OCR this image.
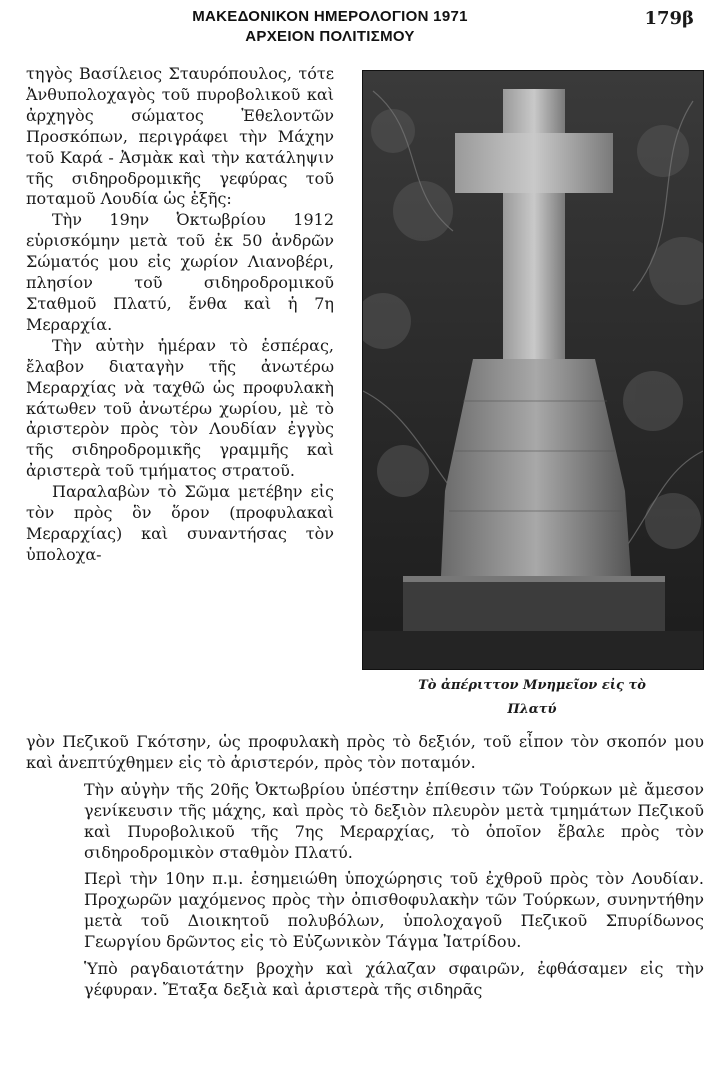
ΜΑΚΕΔΟΝΙΚΟΝ ΗΜΕΡΟΛΟΓΙΟΝ 1971
ΑΡΧΕΙΟΝ ΠΟΛΙΤΙΣΜΟΥ
179β

τηγὸς Βασίλειος Σταυρόπουλος, τότε Ἀνθυπολοχαγὸς τοῦ πυροβολικοῦ καὶ ἀρχηγὸς σώματος Ἐθελοντῶν Προσκόπων, περιγράφει τὴν Μάχην τοῦ Καρά - Ἀσμὰκ καὶ τὴν κατάληψιν τῆς σιδηροδρομικῆς γεφύρας τοῦ ποταμοῦ Λουδία ὡς ἑξῆς:

Τὴν 19ην Ὀκτωβρίου 1912 εὑρισκόμην μετὰ τοῦ ἐκ 50 ἀνδρῶν Σώματός μου εἰς χωρίον Λιανοβέρι, πλησίον τοῦ σιδηροδρομικοῦ Σταθμοῦ Πλατύ, ἔνθα καὶ ἡ 7η Μεραρχία.

Τὴν αὐτὴν ἡμέραν τὸ ἑσπέρας, ἔλαβον διαταγὴν τῆς ἀνωτέρω Μεραρχίας νὰ ταχθῶ ὡς προφυλακὴ κάτωθεν τοῦ ἀνωτέρω χωρίου, μὲ τὸ ἀριστερὸν πρὸς τὸν Λουδίαν ἐγγὺς τῆς σιδηροδρομικῆς γραμμῆς καὶ ἀριστερὰ τοῦ τμήματος στρατοῦ.

Παραλαβὼν τὸ Σῶμα μετέβην εἰς τὸν πρὸς ὃν ὅρον (προφυλακαὶ Μεραρχίας) καὶ συναντήσας τὸν ὑπολοχα-

Τὸ ἀπέριττον Μνημεῖον εἰς τὸ
Πλατύ

γὸν Πεζικοῦ Γκότσην, ὡς προφυλακὴ πρὸς τὸ δεξιόν, τοῦ εἶπον τὸν σκοπόν μου καὶ ἀνεπτύχθημεν εἰς τὸ ἀριστερόν, πρὸς τὸν ποταμόν.

Τὴν αὐγὴν τῆς 20ῆς Ὀκτωβρίου ὑπέστην ἐπίθεσιν τῶν Τούρκων μὲ ἄμεσον γενίκευσιν τῆς μάχης, καὶ πρὸς τὸ δεξιὸν πλευρὸν μετὰ τμημάτων Πεζικοῦ καὶ Πυροβολικοῦ τῆς 7ης Μεραρχίας, τὸ ὁποῖον ἔβαλε πρὸς τὸν σιδηροδρομικὸν σταθμὸν Πλατύ.

Περὶ τὴν 10ην π.μ. ἐσημειώθη ὑποχώρησις τοῦ ἐχθροῦ πρὸς τὸν Λουδίαν. Προχωρῶν μαχόμενος πρὸς τὴν ὀπισθοφυλακὴν τῶν Τούρκων, συνηντήθην μετὰ τοῦ Διοικητοῦ πολυβόλων, ὑπολοχαγοῦ Πεζικοῦ Σπυρίδωνος Γεωργίου δρῶντος εἰς τὸ Εὐζωνικὸν Τάγμα Ἰατρίδου.

Ὑπὸ ραγδαιοτάτην βροχὴν καὶ χάλαζαν σφαιρῶν, ἐφθάσαμεν εἰς τὴν γέφυραν. Ἔταξα δεξιὰ καὶ ἀριστερὰ τῆς σιδηρᾶς
